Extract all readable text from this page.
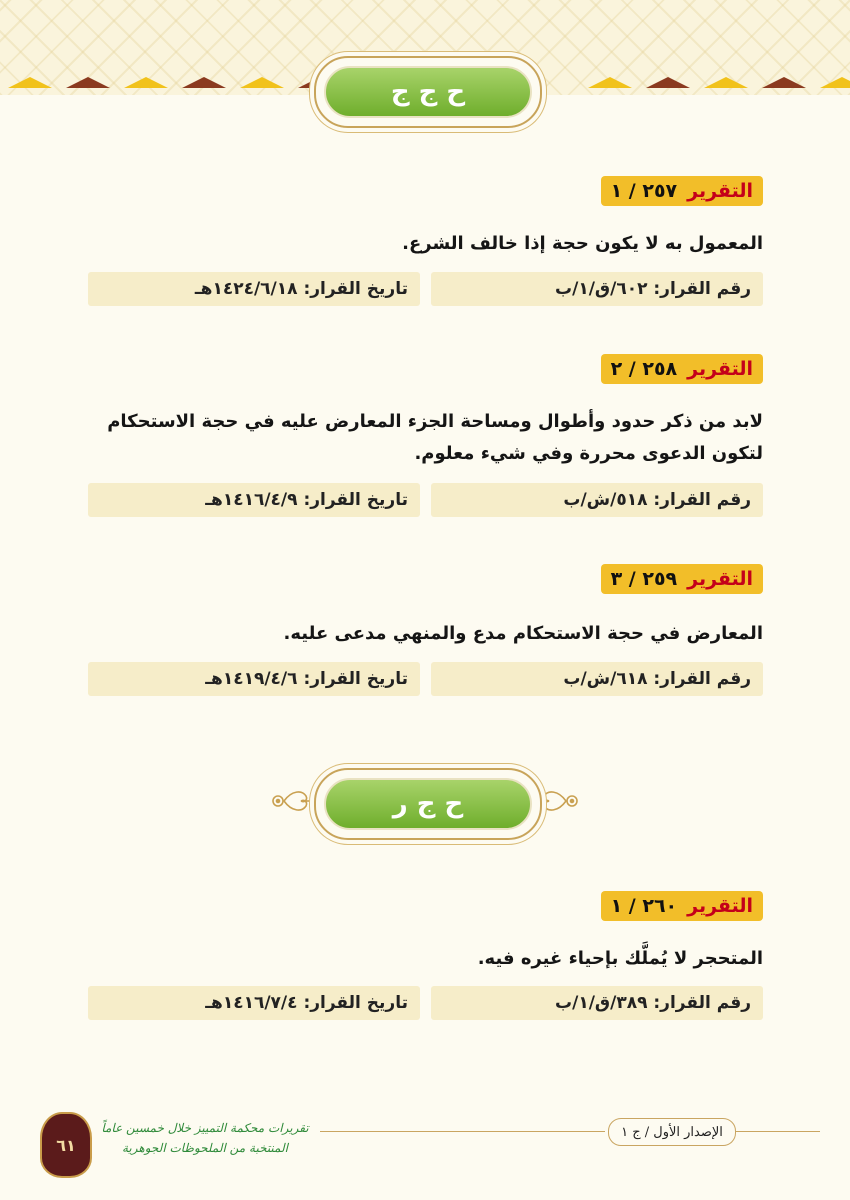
ح ج ج
التقرير
٢٥٧ / ١
المعمول به لا يكون حجة إذا خالف الشرع.
رقم القرار: ٦٠٢/ق/١/ب
تاريخ القرار: ١٤٢٤/٦/١٨هـ
التقرير
٢٥٨ / ٢
لابد من ذكر حدود وأطوال ومساحة الجزء المعارض عليه في حجة الاستحكام
لتكون الدعوى محررة وفي شيء معلوم.
رقم القرار: ٥١٨/ش/ب
تاريخ القرار: ١٤١٦/٤/٩هـ
التقرير
٢٥٩ / ٣
المعارض في حجة الاستحكام مدع والمنهي مدعى عليه.
رقم القرار: ٦١٨/ش/ب
تاريخ القرار: ١٤١٩/٤/٦هـ
ح ج ر
التقرير
٢٦٠ / ١
المتحجر لا يُملَّك بإحياء غيره فيه.
رقم القرار: ٣٨٩/ق/١/ب
تاريخ القرار: ١٤١٦/٧/٤هـ
٦١
تقريرات محكمة التمييز خلال خمسين عاماً
المنتخبة من الملحوظات الجوهرية
الإصدار الأول / ج ١
